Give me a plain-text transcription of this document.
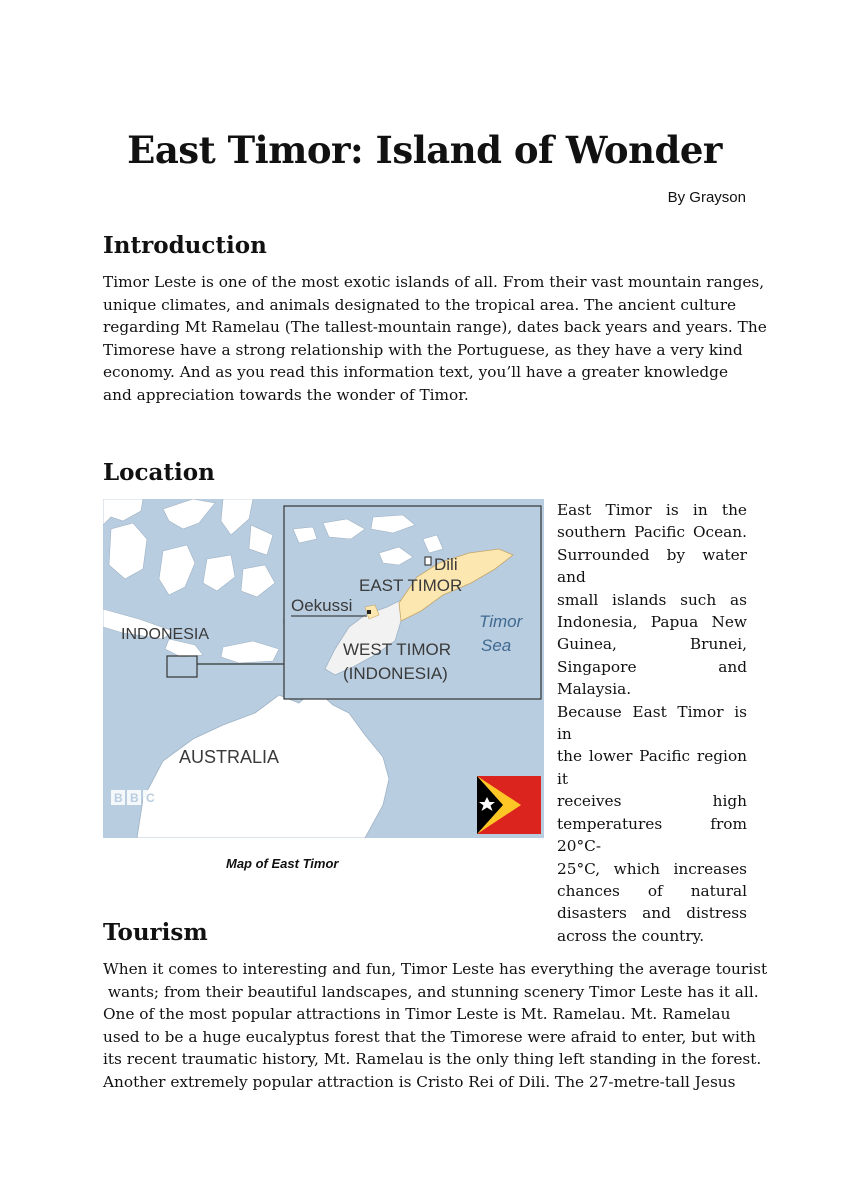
East Timor: Island of Wonder
By Grayson
Introduction

Timor Leste is one of the most exotic islands of all. From their vast mountain ranges,
unique climates, and animals designated to the tropical area. The ancient culture
regarding Mt Ramelau (The tallest-mountain range), dates back years and years. The
Timorese have a strong relationship with the Portuguese, as they have a very kind
economy. And as you read this information text, you’ll have a greater knowledge
and appreciation towards the wonder of Timor.

Location
AUSTRALIA
INDONESIA
Oekussi
Dili
EAST TIMOR
WEST TIMOR
(INDONESIA)
Timor
Sea
B B C NEWS

East Timor is in the
southern Pacific Ocean.
Surrounded by water and
small islands such as
Indonesia, Papua New
Guinea, Brunei,
Singapore and Malaysia.
Because East Timor is in
the lower Pacific region it
receives high
temperatures from 20°C-
25°C, which increases
chances of natural
disasters and distress
across the country.

Map of East Timor
Tourism

When it comes to interesting and fun, Timor Leste has everything the average tourist
wants; from their beautiful landscapes, and stunning scenery Timor Leste has it all.
One of the most popular attractions in Timor Leste is Mt. Ramelau. Mt. Ramelau
used to be a huge eucalyptus forest that the Timorese were afraid to enter, but with
its recent traumatic history, Mt. Ramelau is the only thing left standing in the forest.
Another extremely popular attraction is Cristo Rei of Dili. The 27-metre-tall Jesus
